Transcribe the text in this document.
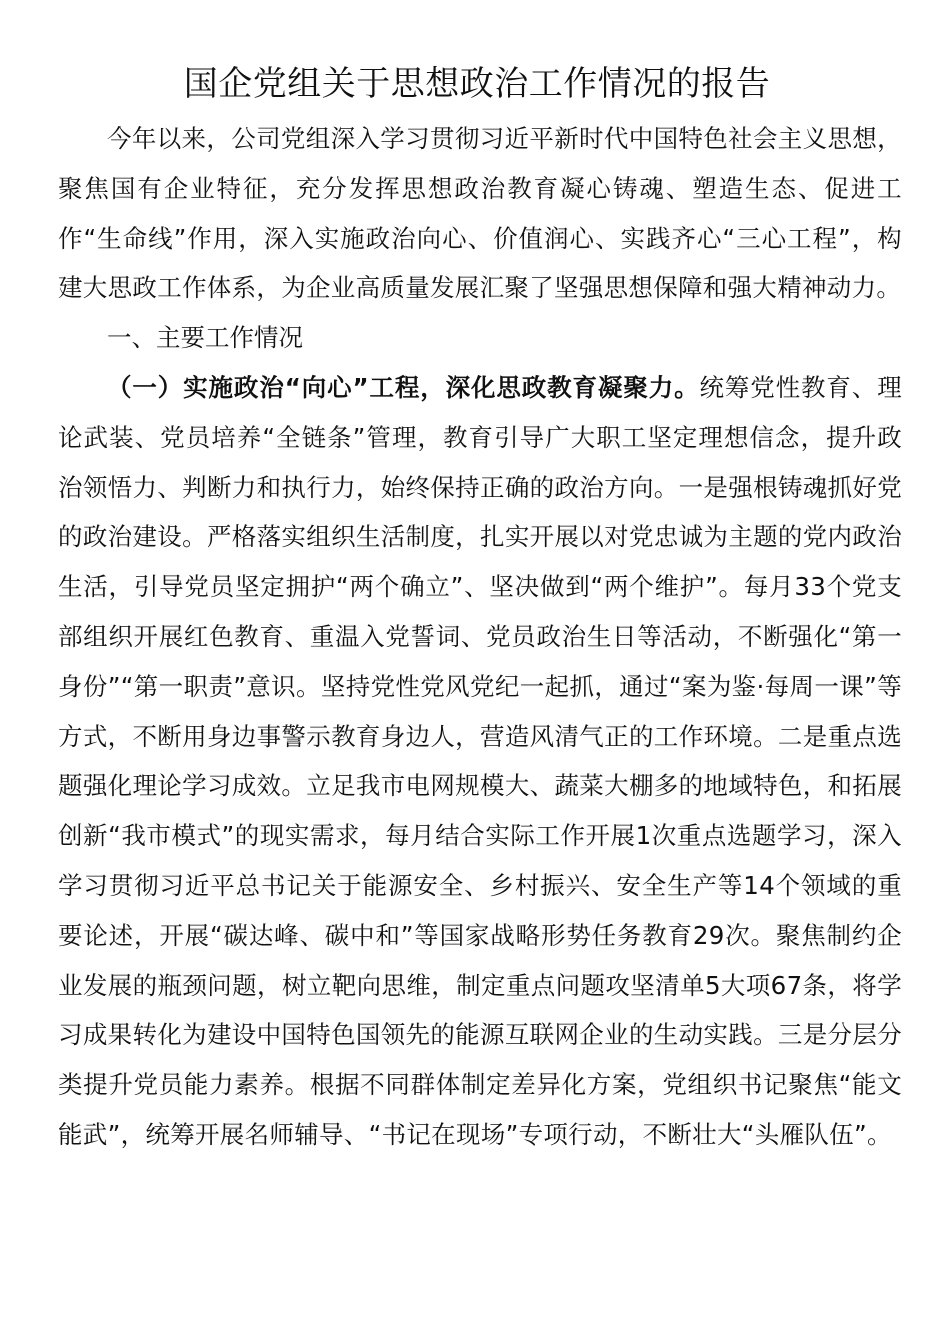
国企党组关于思想政治工作情况的报告

今年以来，公司党组深入学习贯彻习近平新时代中国特色社会主义思想，聚焦国有企业特征，充分发挥思想政治教育凝心铸魂、塑造生态、促进工作“生命线”作用，深入实施政治向心、价值润心、实践齐心“三心工程”，构建大思政工作体系，为企业高质量发展汇聚了坚强思想保障和强大精神动力。

一、主要工作情况

（一）实施政治“向心”工程，深化思政教育凝聚力。统筹党性教育、理论武装、党员培养“全链条”管理，教育引导广大职工坚定理想信念，提升政治领悟力、判断力和执行力，始终保持正确的政治方向。一是强根铸魂抓好党的政治建设。严格落实组织生活制度，扎实开展以对党忠诚为主题的党内政治生活，引导党员坚定拥护“两个确立”、坚决做到“两个维护”。每月33个党支部组织开展红色教育、重温入党誓词、党员政治生日等活动，不断强化“第一身份”“第一职责”意识。坚持党性党风党纪一起抓，通过“案为鉴·每周一课”等方式，不断用身边事警示教育身边人，营造风清气正的工作环境。二是重点选题强化理论学习成效。立足我市电网规模大、蔬菜大棚多的地域特色，和拓展创新“我市模式”的现实需求，每月结合实际工作开展1次重点选题学习，深入学习贯彻习近平总书记关于能源安全、乡村振兴、安全生产等14个领域的重要论述，开展“碳达峰、碳中和”等国家战略形势任务教育29次。聚焦制约企业发展的瓶颈问题，树立靶向思维，制定重点问题攻坚清单5大项67条，将学习成果转化为建设中国特色国领先的能源互联网企业的生动实践。三是分层分类提升党员能力素养。根据不同群体制定差异化方案，党组织书记聚焦“能文能武”，统筹开展名师辅导、“书记在现场”专项行动，不断壮大“头雁队伍”。
